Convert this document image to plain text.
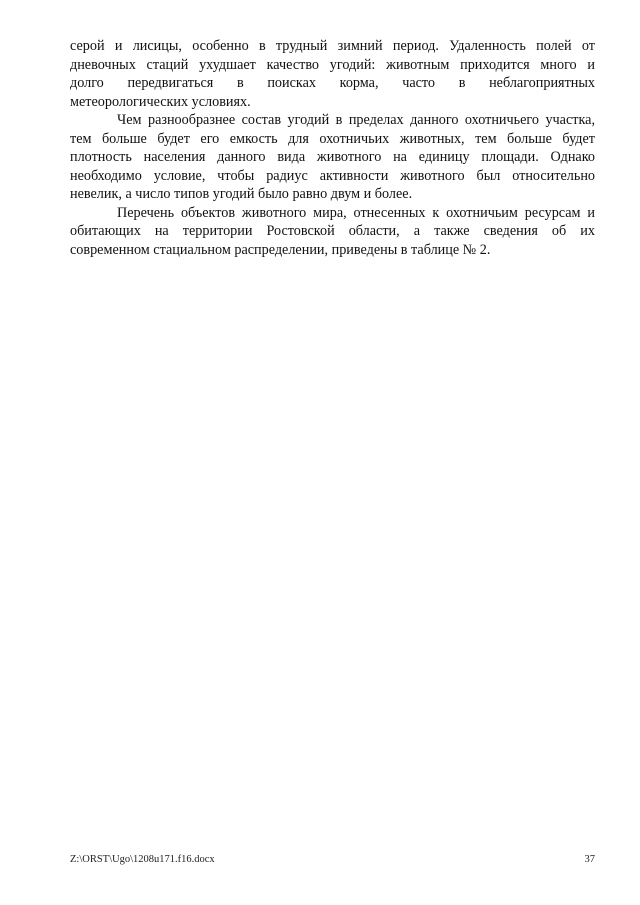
серой и лисицы, особенно в трудный зимний период. Удаленность полей от
дневочных стаций ухудшает качество угодий: животным приходится много и
долго передвигаться в поисках корма, часто в неблагоприятных
метеорологических условиях.
Чем разнообразнее состав угодий в пределах данного охотничьего участка,
тем больше будет его емкость для охотничьих животных, тем больше будет
плотность населения данного вида животного на единицу площади. Однако
необходимо условие, чтобы радиус активности животного был относительно
невелик, а число типов угодий было равно двум и более.
Перечень объектов животного мира, отнесенных к охотничьим ресурсам и
обитающих на территории Ростовской области, а также сведения об их
современном стациальном распределении, приведены в таблице № 2.
Z:\ORST\Ugo\1208u171.f16.docx	37
